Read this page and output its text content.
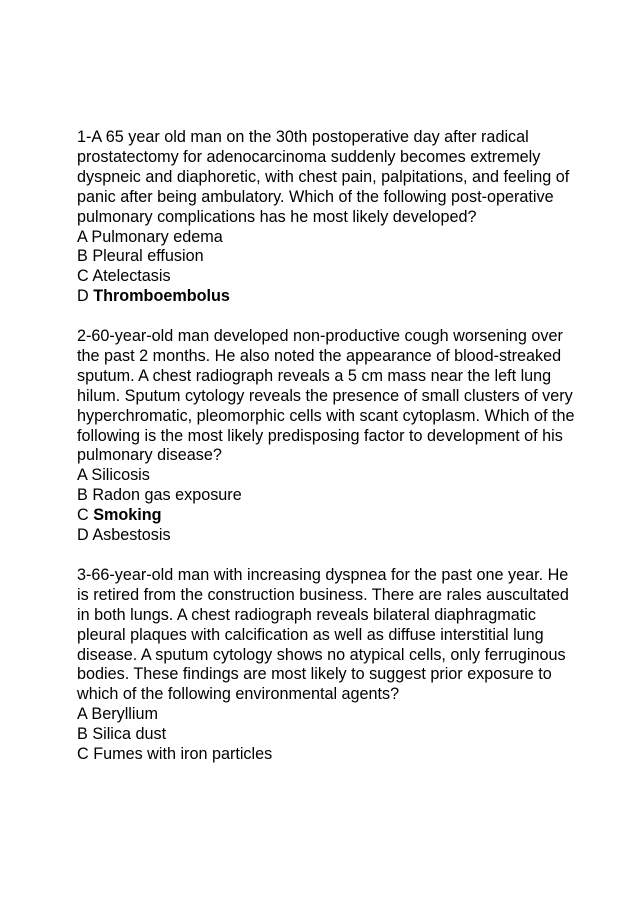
1-A 65 year old man on the 30th postoperative day after radical prostatectomy for adenocarcinoma suddenly becomes extremely dyspneic and diaphoretic, with chest pain, palpitations, and feeling of panic after being ambulatory. Which of the following post-operative pulmonary complications has he most likely developed?

A Pulmonary edema

B Pleural effusion

C Atelectasis

D Thromboembolus

2-60-year-old man developed non-productive cough worsening over the past 2 months. He also noted the appearance of blood-streaked sputum. A chest radiograph reveals a 5 cm mass near the left lung hilum. Sputum cytology reveals the presence of small clusters of very hyperchromatic, pleomorphic cells with scant cytoplasm. Which of the following is the most likely predisposing factor to development of his pulmonary disease?

A Silicosis

B Radon gas exposure

C Smoking

D Asbestosis

3-66-year-old man with increasing dyspnea for the past one year. He is retired from the construction business. There are rales auscultated in both lungs. A chest radiograph reveals bilateral diaphragmatic pleural plaques with calcification as well as diffuse interstitial lung disease. A sputum cytology shows no atypical cells, only ferruginous bodies. These findings are most likely to suggest prior exposure to which of the following environmental agents?

A Beryllium

B Silica dust

C Fumes with iron particles
